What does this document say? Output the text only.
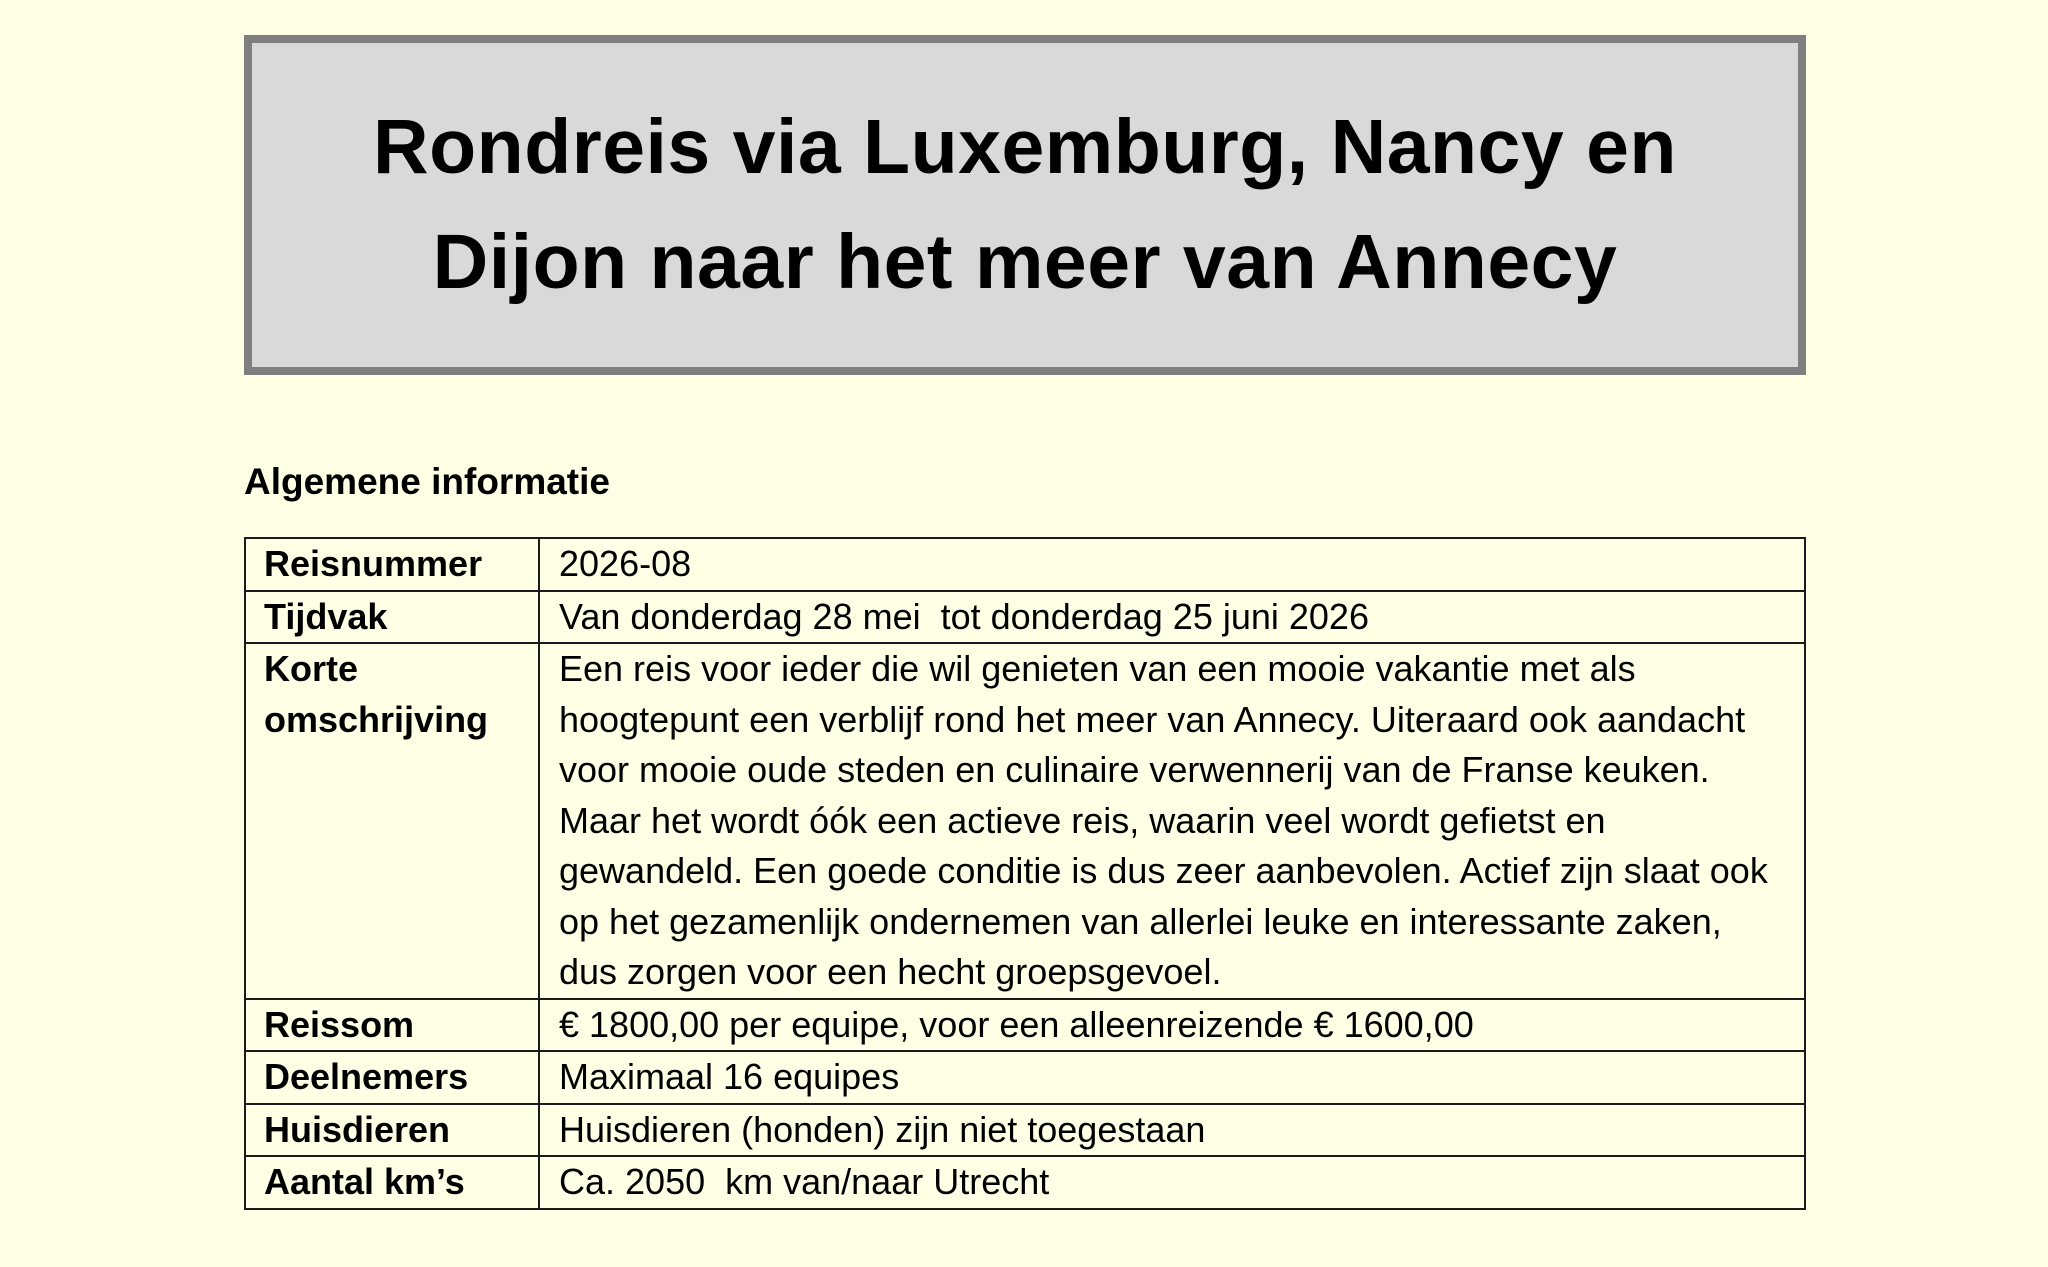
Rondreis via Luxemburg, Nancy en Dijon naar het meer van Annecy
Algemene informatie
Reisnummer	2026-08
Tijdvak	Van donderdag 28 mei  tot donderdag 25 juni 2026
Korte omschrijving	Een reis voor ieder die wil genieten van een mooie vakantie met als hoogtepunt een verblijf rond het meer van Annecy. Uiteraard ook aandacht voor mooie oude steden en culinaire verwennerij van de Franse keuken. Maar het wordt óók een actieve reis, waarin veel wordt gefietst en gewandeld. Een goede conditie is dus zeer aanbevolen. Actief zijn slaat ook op het gezamenlijk ondernemen van allerlei leuke en interessante zaken, dus zorgen voor een hecht groepsgevoel.
Reissom	€ 1800,00 per equipe, voor een alleenreizende € 1600,00
Deelnemers	Maximaal 16 equipes
Huisdieren	Huisdieren (honden) zijn niet toegestaan
Aantal km’s	Ca. 2050  km van/naar Utrecht
